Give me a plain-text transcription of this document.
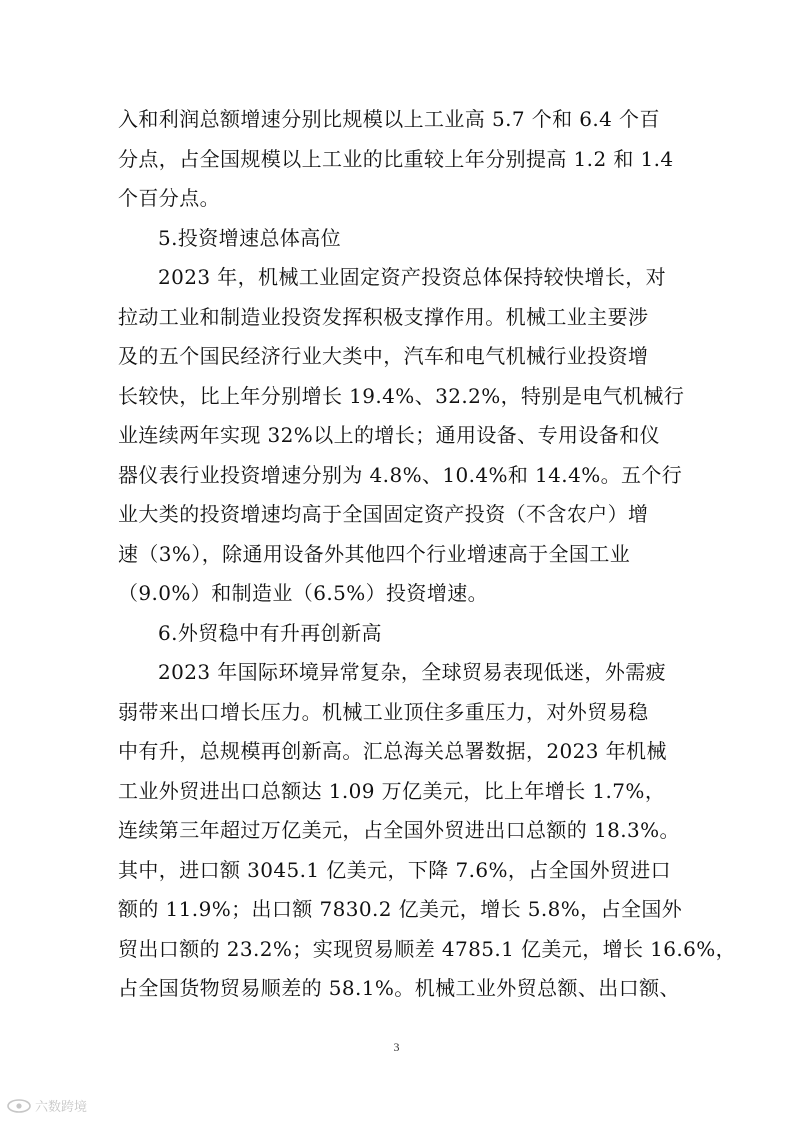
入和利润总额增速分别比规模以上工业高 5.7 个和 6.4 个百
分点，占全国规模以上工业的比重较上年分别提高 1.2 和 1.4
个百分点。
5.投资增速总体高位
2023 年，机械工业固定资产投资总体保持较快增长，对
拉动工业和制造业投资发挥积极支撑作用。机械工业主要涉
及的五个国民经济行业大类中，汽车和电气机械行业投资增
长较快，比上年分别增长 19.4%、32.2%，特别是电气机械行
业连续两年实现 32%以上的增长；通用设备、专用设备和仪
器仪表行业投资增速分别为 4.8%、10.4%和 14.4%。五个行
业大类的投资增速均高于全国固定资产投资（不含农户）增
速（3%），除通用设备外其他四个行业增速高于全国工业
（9.0%）和制造业（6.5%）投资增速。
6.外贸稳中有升再创新高
2023 年国际环境异常复杂，全球贸易表现低迷，外需疲
弱带来出口增长压力。机械工业顶住多重压力，对外贸易稳
中有升，总规模再创新高。汇总海关总署数据，2023 年机械
工业外贸进出口总额达 1.09 万亿美元，比上年增长 1.7%，
连续第三年超过万亿美元，占全国外贸进出口总额的 18.3%。
其中，进口额 3045.1 亿美元，下降 7.6%，占全国外贸进口
额的 11.9%；出口额 7830.2 亿美元，增长 5.8%，占全国外
贸出口额的 23.2%；实现贸易顺差 4785.1 亿美元，增长 16.6%，
占全国货物贸易顺差的 58.1%。机械工业外贸总额、出口额、
3
六数跨境
